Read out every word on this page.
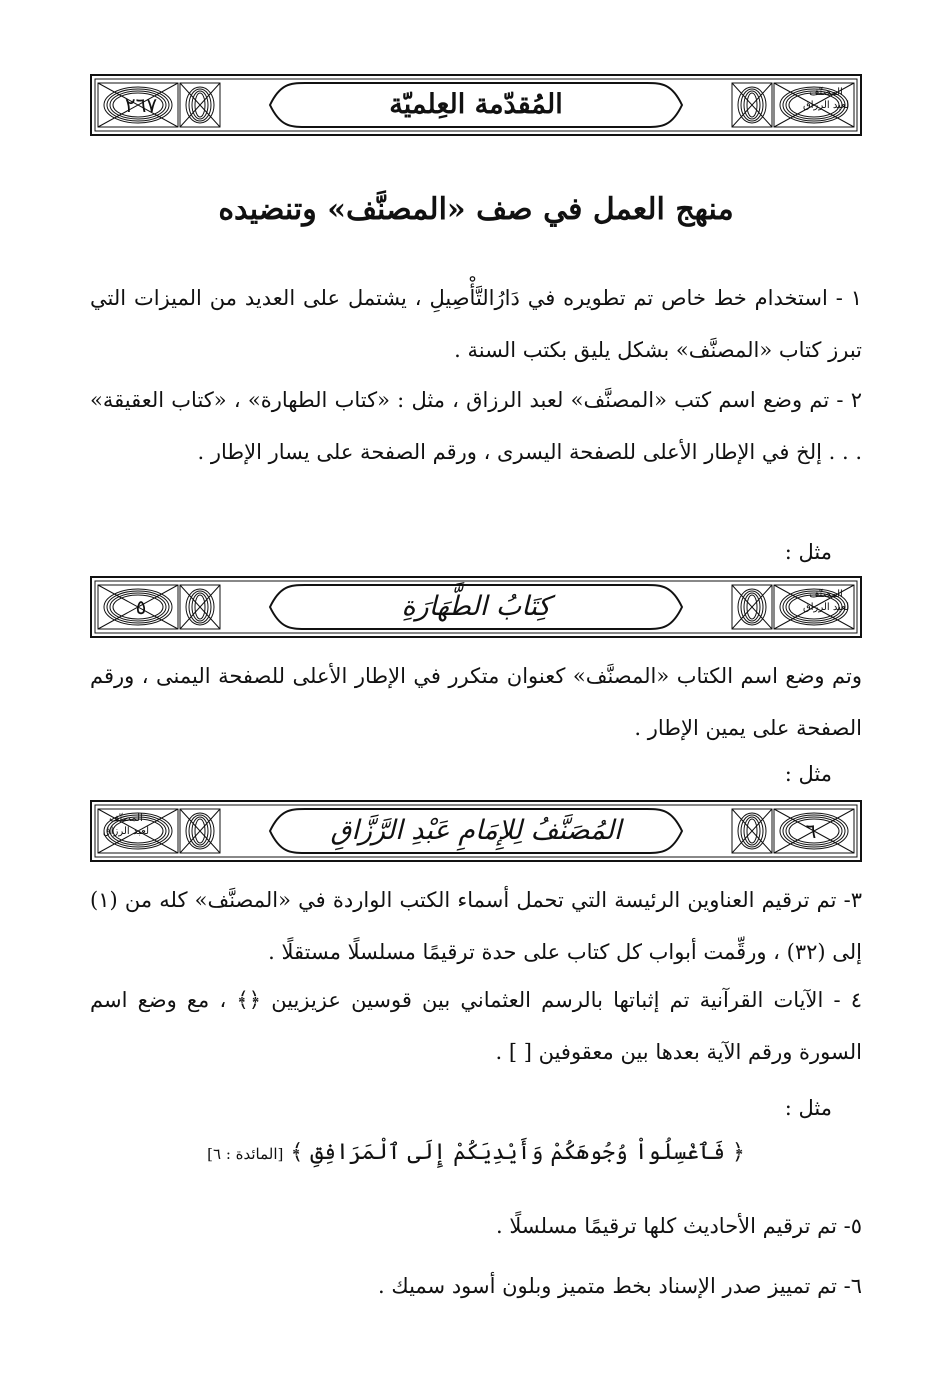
٢٦٧	المُقدّمة العِلميّة	المصنّف
لعبد الرزاق
منهج العمل في صف «المصنَّف» وتنضيده

١ - استخدام خط خاص تم تطويره في دَارُالتَّأْصِيلِ ، يشتمل على العديد من الميزات التي تبرز كتاب «المصنَّف» بشكل يليق بكتب السنة .

٢ - تم وضع اسم كتب «المصنَّف» لعبد الرزاق ، مثل : «كتاب الطهارة» ، «كتاب العقيقة» . . . إلخ في الإطار الأعلى للصفحة اليسرى ، ورقم الصفحة على يسار الإطار .

مثل :
٥	كِتَابُ الطَّهَارَةِ	المصنّف
لعبد الرزاق

وتم وضع اسم الكتاب «المصنَّف» كعنوان متكرر في الإطار الأعلى للصفحة اليمنى ، ورقم الصفحة على يمين الإطار .

مثل :
المصنّف
لعبد الرزاق	المُصَنَّفُ لِلإِمَامِ عَبْدِ الرَّزَّاقِ	٦

٣- تم ترقيم العناوين الرئيسة التي تحمل أسماء الكتب الواردة في «المصنَّف» كله من (١) إلى (٣٢) ، ورقِّمت أبواب كل كتاب على حدة ترقيمًا مسلسلًا مستقلًا .

٤ - الآيات القرآنية تم إثباتها بالرسم العثماني بين قوسين عزيزيين ﴿﴾ ، مع وضع اسم السورة ورقم الآية بعدها بين معقوفين [ ] .

مثل :
﴿ فَٱغْسِلُواْ وُجُوهَكُمْ وَأَيْدِيَكُمْ إِلَى ٱلْمَرَافِقِ ﴾ [المائدة : ٦]

٥- تم ترقيم الأحاديث كلها ترقيمًا مسلسلًا .

٦- تم تمييز صدر الإسناد بخط متميز وبلون أسود سميك .
